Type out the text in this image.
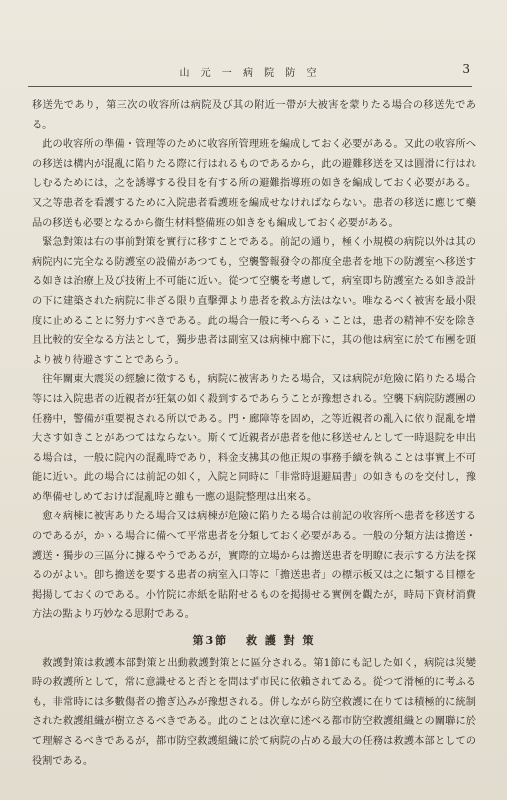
山 元 一 病 院 防 空	3

移送先であり，第三次の收容所は病院及び其の附近一帶が大被害を蒙りたる場合の移送先である。

此の收容所の準備・管理等のために收容所管理班を編成しておく必要がある。又此の收容所への移送は構内が混亂に陷りたる際に行はれるものであるから，此の避難移送を又は圓滑に行はれしむるためには，之を誘導する役目を有する所の避難指導班の如きを編成しておく必要がある。又之等患者を看護するために入院患者看護班を編成せなければならない。患者の移送に應じて藥品の移送も必要となるから衞生材料整備班の如きをも編成しておく必要がある。

緊急對策は右の事前對策を實行に移すことである。前記の通り，極く小規模の病院以外は其の病院内に完全なる防護室の設備があつても，空襲警報發令の都度全患者を地下の防護室へ移送する如きは治療上及び技術上不可能に近い。從つて空襲を考慮して，病室即ち防護室たる如き設計の下に建築された病院に非ざる限り直擊彈より患者を救ふ方法はない。唯なるべく被害を最小限度に止めることに努力すべきである。此の場合一般に考へらるゝことは，患者の精神不安を除き且比較的安全なる方法として，獨步患者は副室又は病棟中廊下に，其の他は病室に於て布團を頭より被り待避さすことであらう。

往年關東大震災の經驗に徵するも，病院に被害ありたる場合，又は病院が危險に陷りたる場合等には入院患者の近親者が狂氣の如く殺到するであらうことが豫想される。空襲下病院防護團の任務中，警備が重要視される所以である。門・廊障等を固め，之等近親者の亂入に依り混亂を增大さす如きことがあつてはならない。斯くて近親者が患者を他に移送せんとして一時退院を申出る場合は，一般に院內の混亂時であり，料金支拂其の他正規の事務手續を執ることは事實上不可能に近い。此の場合には前記の如く，入院と同時に「非常時退避屆書」の如きものを交付し，豫め準備せしめておけば混亂時と雖も一應の退院整理は出來る。

愈々病棟に被害ありたる場合又は病棟が危險に陷りたる場合は前記の收容所へ患者を移送するのであるが，かゝる場合に備へて平常患者を分類しておく必要がある。一般の分類方法は擔送・護送・獨步の三區分に據るやうであるが，實際的立場からは擔送患者を明瞭に表示する方法を探るのがよい。卽ち擔送を要する患者の病室入口等に「擔送患者」の標示板又は之に類する目標を掲揚しておくのである。小竹院に赤紙を貼附せるものを掲揚せる實例を觀たが，時局下資材消費方法の點より巧妙なる思附である。

第3節 救 護 對 策

救護對策は救護本部對策と出動救護對策とに區分される。第1節にも記した如く，病院は災變時の救護所として，常に意識せると否とを問はず市民に依賴されてゐる。從つて滑極的に考ふるも，非常時には多數傷者の擔ぎ込みが豫想される。併しながら防空救護に在りては積極的に統制された救護組織が樹立さるべきである。此のことは次章に述べる都市防空救護組織との關聯に於て理解さるべきであるが，都市防空救護組織に於て病院の占める最大の任務は救護本部としての役割である。
